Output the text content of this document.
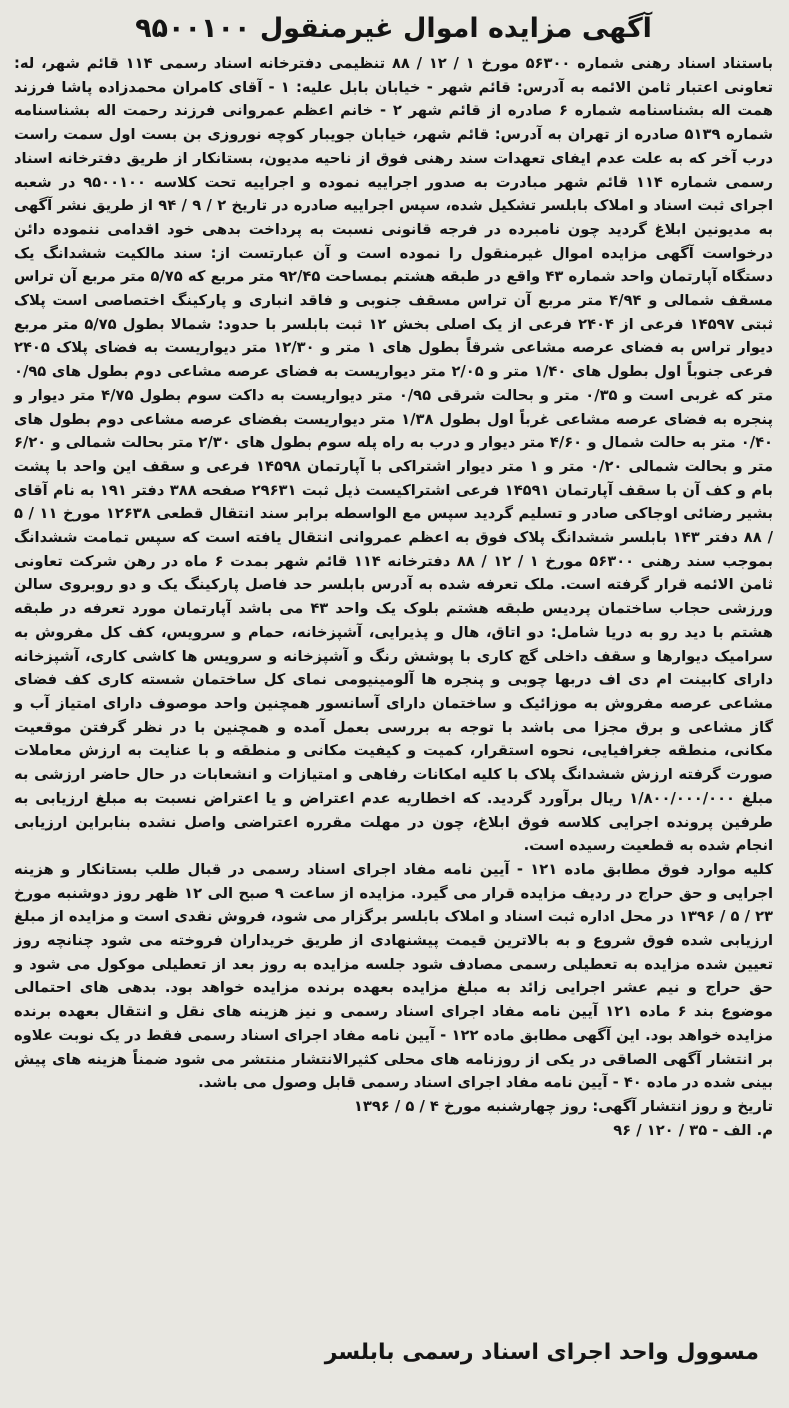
آگهی مزایده اموال غیرمنقول ۹۵۰۰۱۰۰

باستناد اسناد رهنی شماره ۵۶۳۰۰ مورخ ۱ / ۱۲ / ۸۸ تنظیمی دفترخانه اسناد رسمی ۱۱۴ قائم شهر، له: تعاونی اعتبار ثامن الائمه به آدرس: قائم شهر - خیابان بابل علیه: ۱ - آقای کامران محمدزاده پاشا فرزند همت اله بشناسنامه شماره ۶ صادره از قائم شهر ۲ - خانم اعظم عمروانی فرزند رحمت اله بشناسنامه شماره ۵۱۳۹ صادره از تهران به آدرس: قائم شهر، خیابان جویبار کوچه نوروزی بن بست اول سمت راست درب آخر که به علت عدم ایفای تعهدات سند رهنی فوق از ناحیه مدیون، بستانکار از طریق دفترخانه اسناد رسمی شماره ۱۱۴ قائم شهر مبادرت به صدور اجراییه نموده و اجراییه تحت کلاسه ۹۵۰۰۱۰۰ در شعبه اجرای ثبت اسناد و املاک بابلسر تشکیل شده، سپس اجراییه صادره در تاریخ ۲ / ۹ / ۹۴ از طریق نشر آگهی به مدیونین ابلاغ گردید چون نامبرده در فرجه قانونی نسبت به پرداخت بدهی خود اقدامی ننموده دائن درخواست آگهی مزایده اموال غیرمنقول را نموده است و آن عبارتست از: سند مالکیت ششدانگ یک دستگاه آپارتمان واحد شماره ۴۳ واقع در طبقه هشتم بمساحت ۹۲/۴۵ متر مربع که ۵/۷۵ متر مربع آن تراس مسقف شمالی و ۴/۹۴ متر مربع آن تراس مسقف جنوبی و فاقد انباری و پارکینگ اختصاصی است پلاک ثبتی ۱۴۵۹۷ فرعی از ۲۴۰۴ فرعی از یک اصلی بخش ۱۲ ثبت بابلسر با حدود: شمالا بطول ۵/۷۵ متر مربع دیوار تراس به فضای عرصه مشاعی شرقاً بطول های ۱ متر و ۱۲/۳۰ متر دیواریست به فضای پلاک ۲۴۰۵ فرعی جنوباً اول بطول های ۱/۴۰ متر و ۲/۰۵ متر دیواریست به فضای عرصه مشاعی دوم بطول های ۰/۹۵ متر که غربی است و ۰/۳۵ متر و بحالت شرقی ۰/۹۵ متر دیواریست به داکت سوم بطول ۴/۷۵ متر دیوار و پنجره به فضای عرصه مشاعی غرباً اول بطول ۱/۳۸ متر دیواریست بفضای عرصه مشاعی دوم بطول های ۰/۴۰ متر به حالت شمال و ۴/۶۰ متر دیوار و درب به راه پله سوم بطول های ۲/۳۰ متر بحالت شمالی و ۶/۲۰ متر و بحالت شمالی ۰/۲۰ متر و ۱ متر دیوار اشتراکی با آپارتمان ۱۴۵۹۸ فرعی و سقف این واحد با پشت بام و کف آن با سقف آپارتمان ۱۴۵۹۱ فرعی اشتراکیست ذیل ثبت ۲۹۶۳۱ صفحه ۳۸۸ دفتر ۱۹۱ به نام آقای بشیر رضائی اوجاکی صادر و تسلیم گردید سپس مع الواسطه برابر سند انتقال قطعی ۱۲۶۳۸ مورخ ۱۱ / ۵ / ۸۸ دفتر ۱۴۳ بابلسر ششدانگ پلاک فوق به اعظم عمروانی انتقال یافته است که سپس تمامت ششدانگ بموجب سند رهنی ۵۶۳۰۰ مورخ ۱ / ۱۲ / ۸۸ دفترخانه ۱۱۴ قائم شهر بمدت ۶ ماه در رهن شرکت تعاونی ثامن الائمه قرار گرفته است. ملک تعرفه شده به آدرس بابلسر حد فاصل پارکینگ یک و دو روبروی سالن ورزشی حجاب ساختمان پردیس طبقه هشتم بلوک یک واحد ۴۳ می باشد آپارتمان مورد تعرفه در طبقه هشتم با دید رو به دریا شامل: دو اتاق، هال و پذیرایی، آشپزخانه، حمام و سرویس، کف کل مفروش به سرامیک دیوارها و سقف داخلی گچ کاری با پوشش رنگ و آشپزخانه و سرویس ها کاشی کاری، آشپزخانه دارای کابینت ام دی اف دربها چوبی و پنجره ها آلومینیومی نمای کل ساختمان شسته کاری کف فضای مشاعی عرصه مفروش به موزائیک و ساختمان دارای آسانسور همچنین واحد موصوف دارای امتیاز آب و گاز مشاعی و برق مجزا می باشد با توجه به بررسی بعمل آمده و همچنین با در نظر گرفتن موقعیت مکانی، منطقه جغرافیایی، نحوه استقرار، کمیت و کیفیت مکانی و منطقه و با عنایت به ارزش معاملات صورت گرفته ارزش ششدانگ پلاک با کلیه امکانات رفاهی و امتیازات و انشعابات در حال حاضر ارزشی به مبلغ ۱/۸۰۰/۰۰۰/۰۰۰ ریال برآورد گردید. که اخطاریه عدم اعتراض و یا اعتراض نسبت به مبلغ ارزیابی به طرفین پرونده اجرایی کلاسه فوق ابلاغ، چون در مهلت مقرره اعتراضی واصل نشده بنابراین ارزیابی انجام شده به قطعیت رسیده است.

کلیه موارد فوق مطابق ماده ۱۲۱ - آیین نامه مفاد اجرای اسناد رسمی در قبال طلب بستانکار و هزینه اجرایی و حق حراج در ردیف مزایده قرار می گیرد. مزایده از ساعت ۹ صبح الی ۱۲ ظهر روز دوشنبه مورخ ۲۳ / ۵ / ۱۳۹۶ در محل اداره ثبت اسناد و املاک بابلسر برگزار می شود، فروش نقدی است و مزایده از مبلغ ارزیابی شده فوق شروع و به بالاترین قیمت پیشنهادی از طریق خریداران فروخته می شود چنانچه روز تعیین شده مزایده به تعطیلی رسمی مصادف شود جلسه مزایده به روز بعد از تعطیلی موکول می شود و حق حراج و نیم عشر اجرایی زائد به مبلغ مزایده بعهده برنده مزایده خواهد بود. بدهی های احتمالی موضوع بند ۶ ماده ۱۲۱ آیین نامه مفاد اجرای اسناد رسمی و نیز هزینه های نقل و انتقال بعهده برنده مزایده خواهد بود. این آگهی مطابق ماده ۱۲۲ - آیین نامه مفاد اجرای اسناد رسمی فقط در یک نوبت علاوه بر انتشار آگهی الصاقی در یکی از روزنامه های محلی کثیرالانتشار منتشر می شود ضمناً هزینه های پیش بینی شده در ماده ۴۰ - آیین نامه مفاد اجرای اسناد رسمی قابل وصول می باشد.

تاریخ و روز انتشار آگهی: روز چهارشنبه مورخ ۴ / ۵ / ۱۳۹۶
م. الف - ۳۵ / ۱۲۰ / ۹۶
مسوول واحد اجرای اسناد رسمی بابلسر
